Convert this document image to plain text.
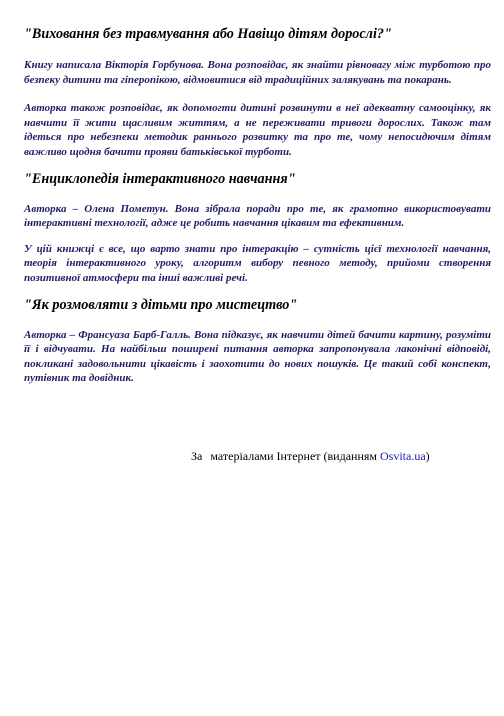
"Виховання без травмування або Навіщо дітям дорослі?"

Книгу написала Вікторія Горбунова. Вона розповідає, як знайти рівновагу між турботою про безпеку дитини та гіперопікою, відмовитися від традиційних залякувань та покарань.

Авторка також розповідає, як допомогти дитині розвинути в неї адекватну самооцінку, як навчити її жити щасливим життям, а не переживати тривоги дорослих. Також там ідеться про небезпеки методик раннього розвитку та про те, чому непосидючим дітям важливо щодня бачити прояви батьківської турботи.

"Енциклопедія інтерактивного навчання"

Авторка – Олена Пометун. Вона зібрала поради про те, як грамотно використовувати інтерактивні технології, адже це робить навчання цікавим та ефективним.

У цій книжці є все, що варто знати про інтеракцію – сутність цієї технології навчання, теорія інтерактивного уроку, алгоритм вибору певного методу, прийоми створення позитивної атмосфери та інші важливі речі.

"Як розмовляти з дітьми про мистецтво"

Авторка – Франсуаза Барб-Галль. Вона підказує, як навчити дітей бачити картину, розуміти її і відчувати. На найбільш поширені питання авторка запропонувала лаконічні відповіді, покликані задовольнити цікавість і заохотити до нових пошуків. Це такий собі конспект, путівник та довідник.

За матеріалами Інтернет (виданням Osvita.ua)
